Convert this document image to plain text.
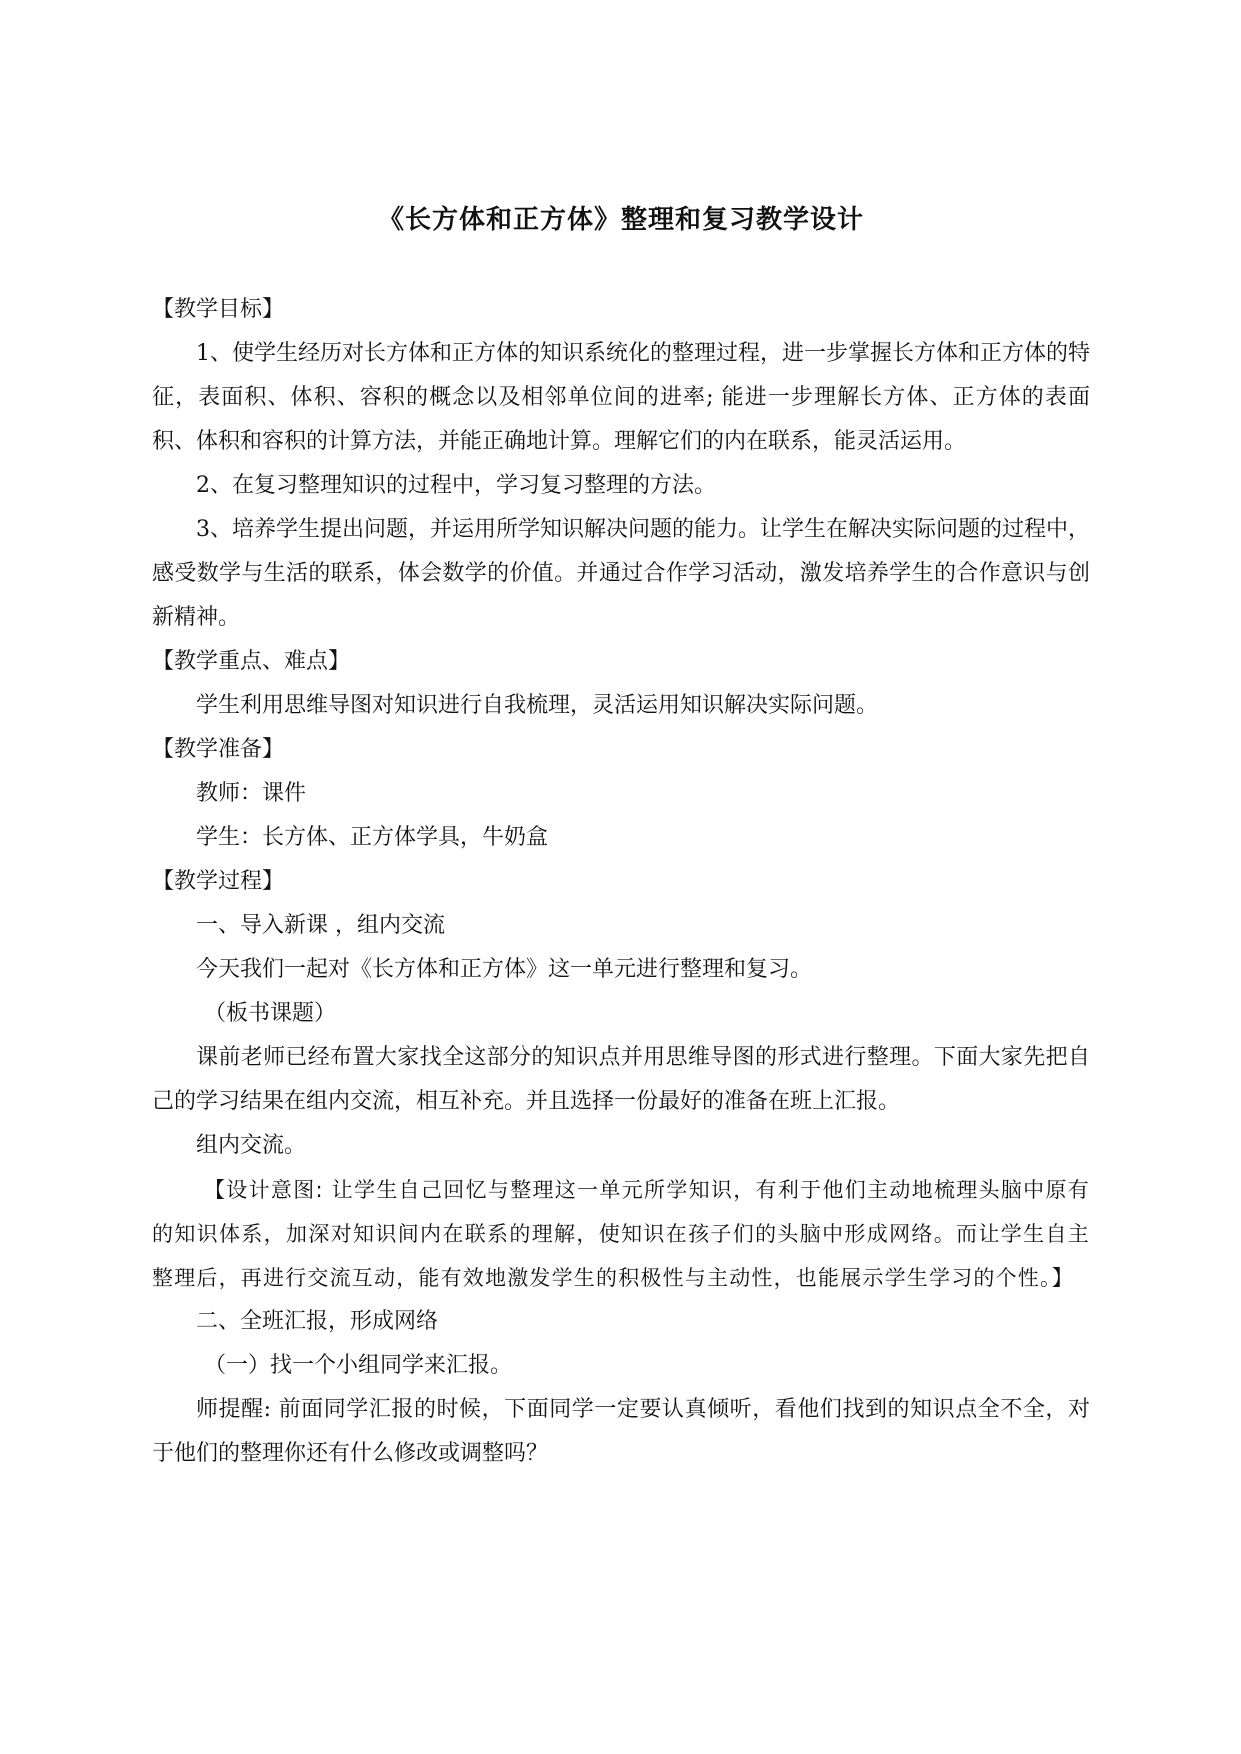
《长方体和正方体》整理和复习教学设计

【教学目标】

1、使学生经历对长方体和正方体的知识系统化的整理过程，进一步掌握长方体和正方体的特征，表面积、体积、容积的概念以及相邻单位间的进率; 能进一步理解长方体、正方体的表面积、体积和容积的计算方法，并能正确地计算。理解它们的内在联系，能灵活运用。

2、在复习整理知识的过程中，学习复习整理的方法。

3、培养学生提出问题，并运用所学知识解决问题的能力。让学生在解决实际问题的过程中，感受数学与生活的联系，体会数学的价值。并通过合作学习活动，激发培养学生的合作意识与创新精神。

【教学重点、难点】

学生利用思维导图对知识进行自我梳理，灵活运用知识解决实际问题。

【教学准备】

教师：课件

学生：长方体、正方体学具，牛奶盒

【教学过程】

一、导入新课 ，组内交流

今天我们一起对《长方体和正方体》这一单元进行整理和复习。

（板书课题）

课前老师已经布置大家找全这部分的知识点并用思维导图的形式进行整理。下面大家先把自己的学习结果在组内交流，相互补充。并且选择一份最好的准备在班上汇报。

组内交流。

【设计意图: 让学生自己回忆与整理这一单元所学知识，有利于他们主动地梳理头脑中原有的知识体系，加深对知识间内在联系的理解，使知识在孩子们的头脑中形成网络。而让学生自主整理后，再进行交流互动，能有效地激发学生的积极性与主动性，也能展示学生学习的个性。】

二、全班汇报，形成网络

（一）找一个小组同学来汇报。

师提醒: 前面同学汇报的时候，下面同学一定要认真倾听，看他们找到的知识点全不全，对于他们的整理你还有什么修改或调整吗？
